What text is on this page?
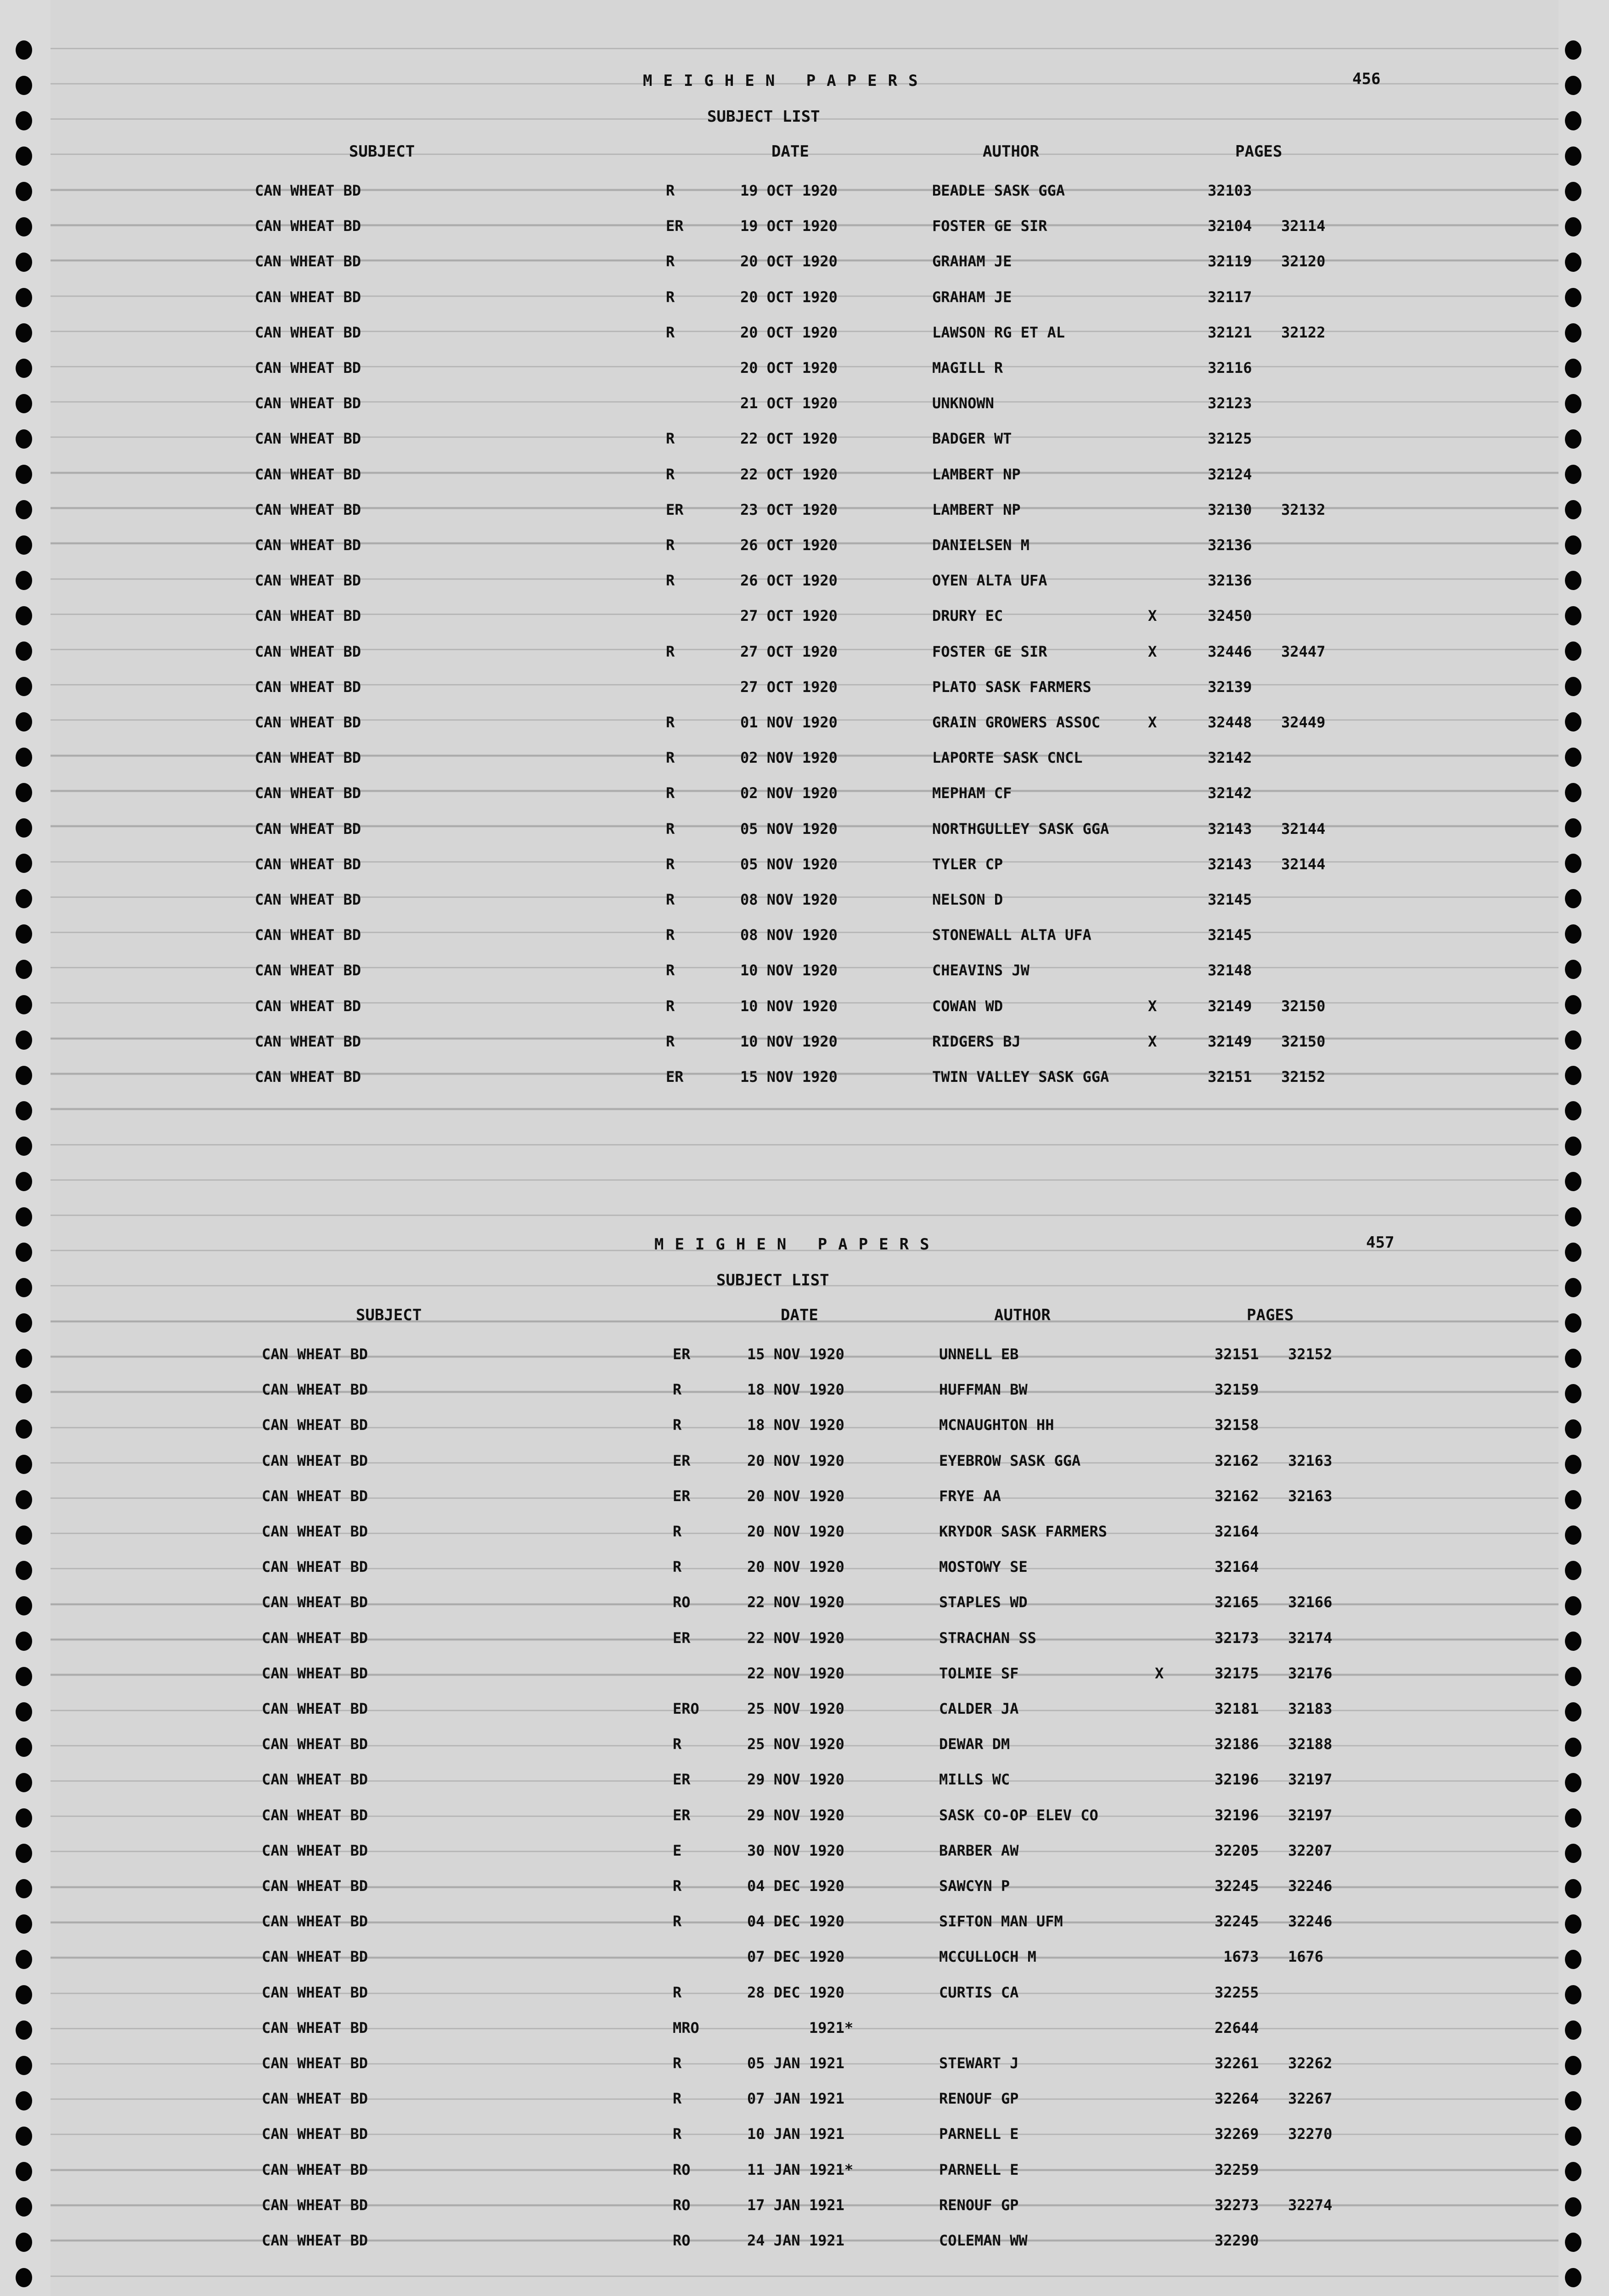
MEIGHEN PAPERS	456
SUBJECT LIST
SUBJECT	DATE	AUTHOR	PAGES
CAN WHEAT BD	R	19 OCT 1920	BEADLE SASK GGA	32103
CAN WHEAT BD	ER	19 OCT 1920	FOSTER GE SIR	32104 32114
CAN WHEAT BD	R	20 OCT 1920	GRAHAM JE	32119 32120
CAN WHEAT BD	R	20 OCT 1920	GRAHAM JE	32117
CAN WHEAT BD	R	20 OCT 1920	LAWSON RG ET AL	32121 32122
CAN WHEAT BD	20 OCT 1920	MAGILL R	32116
CAN WHEAT BD	21 OCT 1920	UNKNOWN	32123
CAN WHEAT BD	R	22 OCT 1920	BADGER WT	32125
CAN WHEAT BD	R	22 OCT 1920	LAMBERT NP	32124
CAN WHEAT BD	ER	23 OCT 1920	LAMBERT NP	32130 32132
CAN WHEAT BD	R	26 OCT 1920	DANIELSEN M	32136
CAN WHEAT BD	R	26 OCT 1920	OYEN ALTA UFA	32136
CAN WHEAT BD	27 OCT 1920	DRURY EC	X	32450
CAN WHEAT BD	R	27 OCT 1920	FOSTER GE SIR	X	32446 32447
CAN WHEAT BD	27 OCT 1920	PLATO SASK FARMERS	32139
CAN WHEAT BD	R	01 NOV 1920	GRAIN GROWERS ASSOC	X	32448 32449
CAN WHEAT BD	R	02 NOV 1920	LAPORTE SASK CNCL	32142
CAN WHEAT BD	R	02 NOV 1920	MEPHAM CF	32142
CAN WHEAT BD	R	05 NOV 1920	NORTHGULLEY SASK GGA	32143 32144
CAN WHEAT BD	R	05 NOV 1920	TYLER CP	32143 32144
CAN WHEAT BD	R	08 NOV 1920	NELSON D	32145
CAN WHEAT BD	R	08 NOV 1920	STONEWALL ALTA UFA	32145
CAN WHEAT BD	R	10 NOV 1920	CHEAVINS JW	32148
CAN WHEAT BD	R	10 NOV 1920	COWAN WD	X	32149 32150
CAN WHEAT BD	R	10 NOV 1920	RIDGERS BJ	X	32149 32150
CAN WHEAT BD	ER	15 NOV 1920	TWIN VALLEY SASK GGA	32151 32152
MEIGHEN PAPERS	457
SUBJECT LIST
SUBJECT	DATE	AUTHOR	PAGES
CAN WHEAT BD	ER	15 NOV 1920	UNNELL EB	32151 32152
CAN WHEAT BD	R	18 NOV 1920	HUFFMAN BW	32159
CAN WHEAT BD	R	18 NOV 1920	MCNAUGHTON HH	32158
CAN WHEAT BD	ER	20 NOV 1920	EYEBROW SASK GGA	32162 32163
CAN WHEAT BD	ER	20 NOV 1920	FRYE AA	32162 32163
CAN WHEAT BD	R	20 NOV 1920	KRYDOR SASK FARMERS	32164
CAN WHEAT BD	R	20 NOV 1920	MOSTOWY SE	32164
CAN WHEAT BD	RO	22 NOV 1920	STAPLES WD	32165 32166
CAN WHEAT BD	ER	22 NOV 1920	STRACHAN SS	32173 32174
CAN WHEAT BD	22 NOV 1920	TOLMIE SF	X	32175 32176
CAN WHEAT BD	ERO	25 NOV 1920	CALDER JA	32181 32183
CAN WHEAT BD	R	25 NOV 1920	DEWAR DM	32186 32188
CAN WHEAT BD	ER	29 NOV 1920	MILLS WC	32196 32197
CAN WHEAT BD	ER	29 NOV 1920	SASK CO-OP ELEV CO	32196 32197
CAN WHEAT BD	E	30 NOV 1920	BARBER AW	32205 32207
CAN WHEAT BD	R	04 DEC 1920	SAWCYN P	32245 32246
CAN WHEAT BD	R	04 DEC 1920	SIFTON MAN UFM	32245 32246
CAN WHEAT BD	07 DEC 1920	MCCULLOCH M	1673 1676
CAN WHEAT BD	R	28 DEC 1920	CURTIS CA	32255
CAN WHEAT BD	MRO	1921*	22644
CAN WHEAT BD	R	05 JAN 1921	STEWART J	32261 32262
CAN WHEAT BD	R	07 JAN 1921	RENOUF GP	32264 32267
CAN WHEAT BD	R	10 JAN 1921	PARNELL E	32269 32270
CAN WHEAT BD	RO	11 JAN 1921*	PARNELL E	32259
CAN WHEAT BD	RO	17 JAN 1921	RENOUF GP	32273 32274
CAN WHEAT BD	RO	24 JAN 1921	COLEMAN WW	32290
